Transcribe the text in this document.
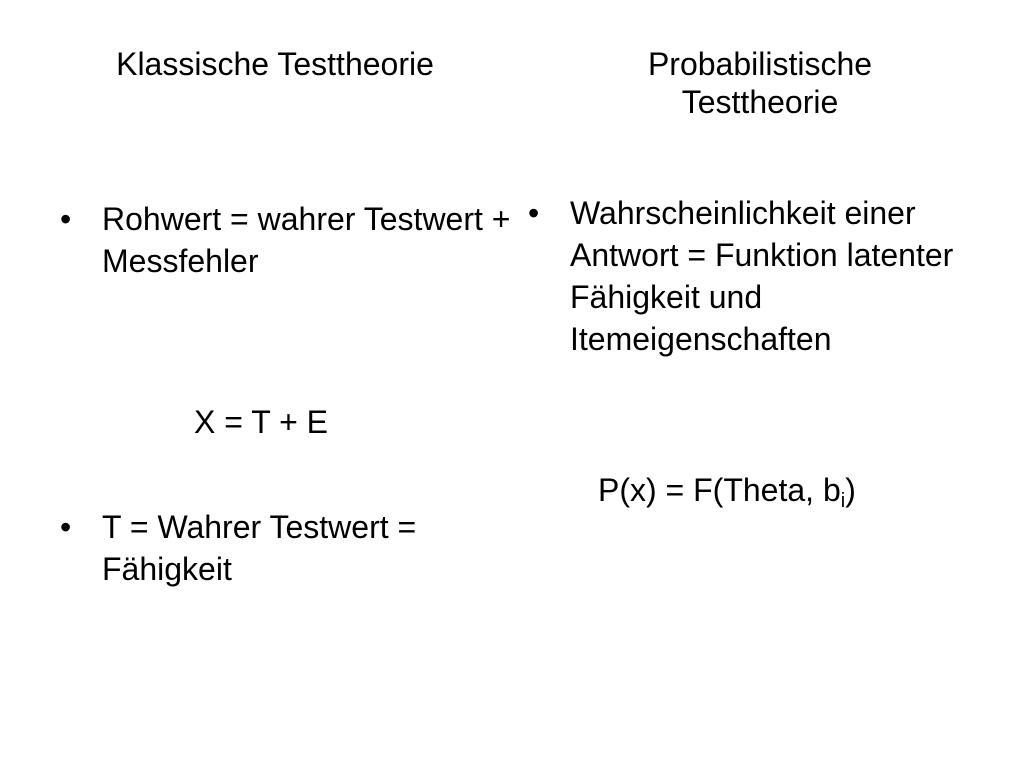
Klassische Testtheorie	Probabilistische
Testtheorie
• Rohwert = wahrer Testwert + Messfehler
X = T + E
• T = Wahrer Testwert = Fähigkeit
• Wahrscheinlichkeit einer Antwort = Funktion latenter Fähigkeit und Itemeigenschaften
P(x) = F(Theta, $b_i$)
